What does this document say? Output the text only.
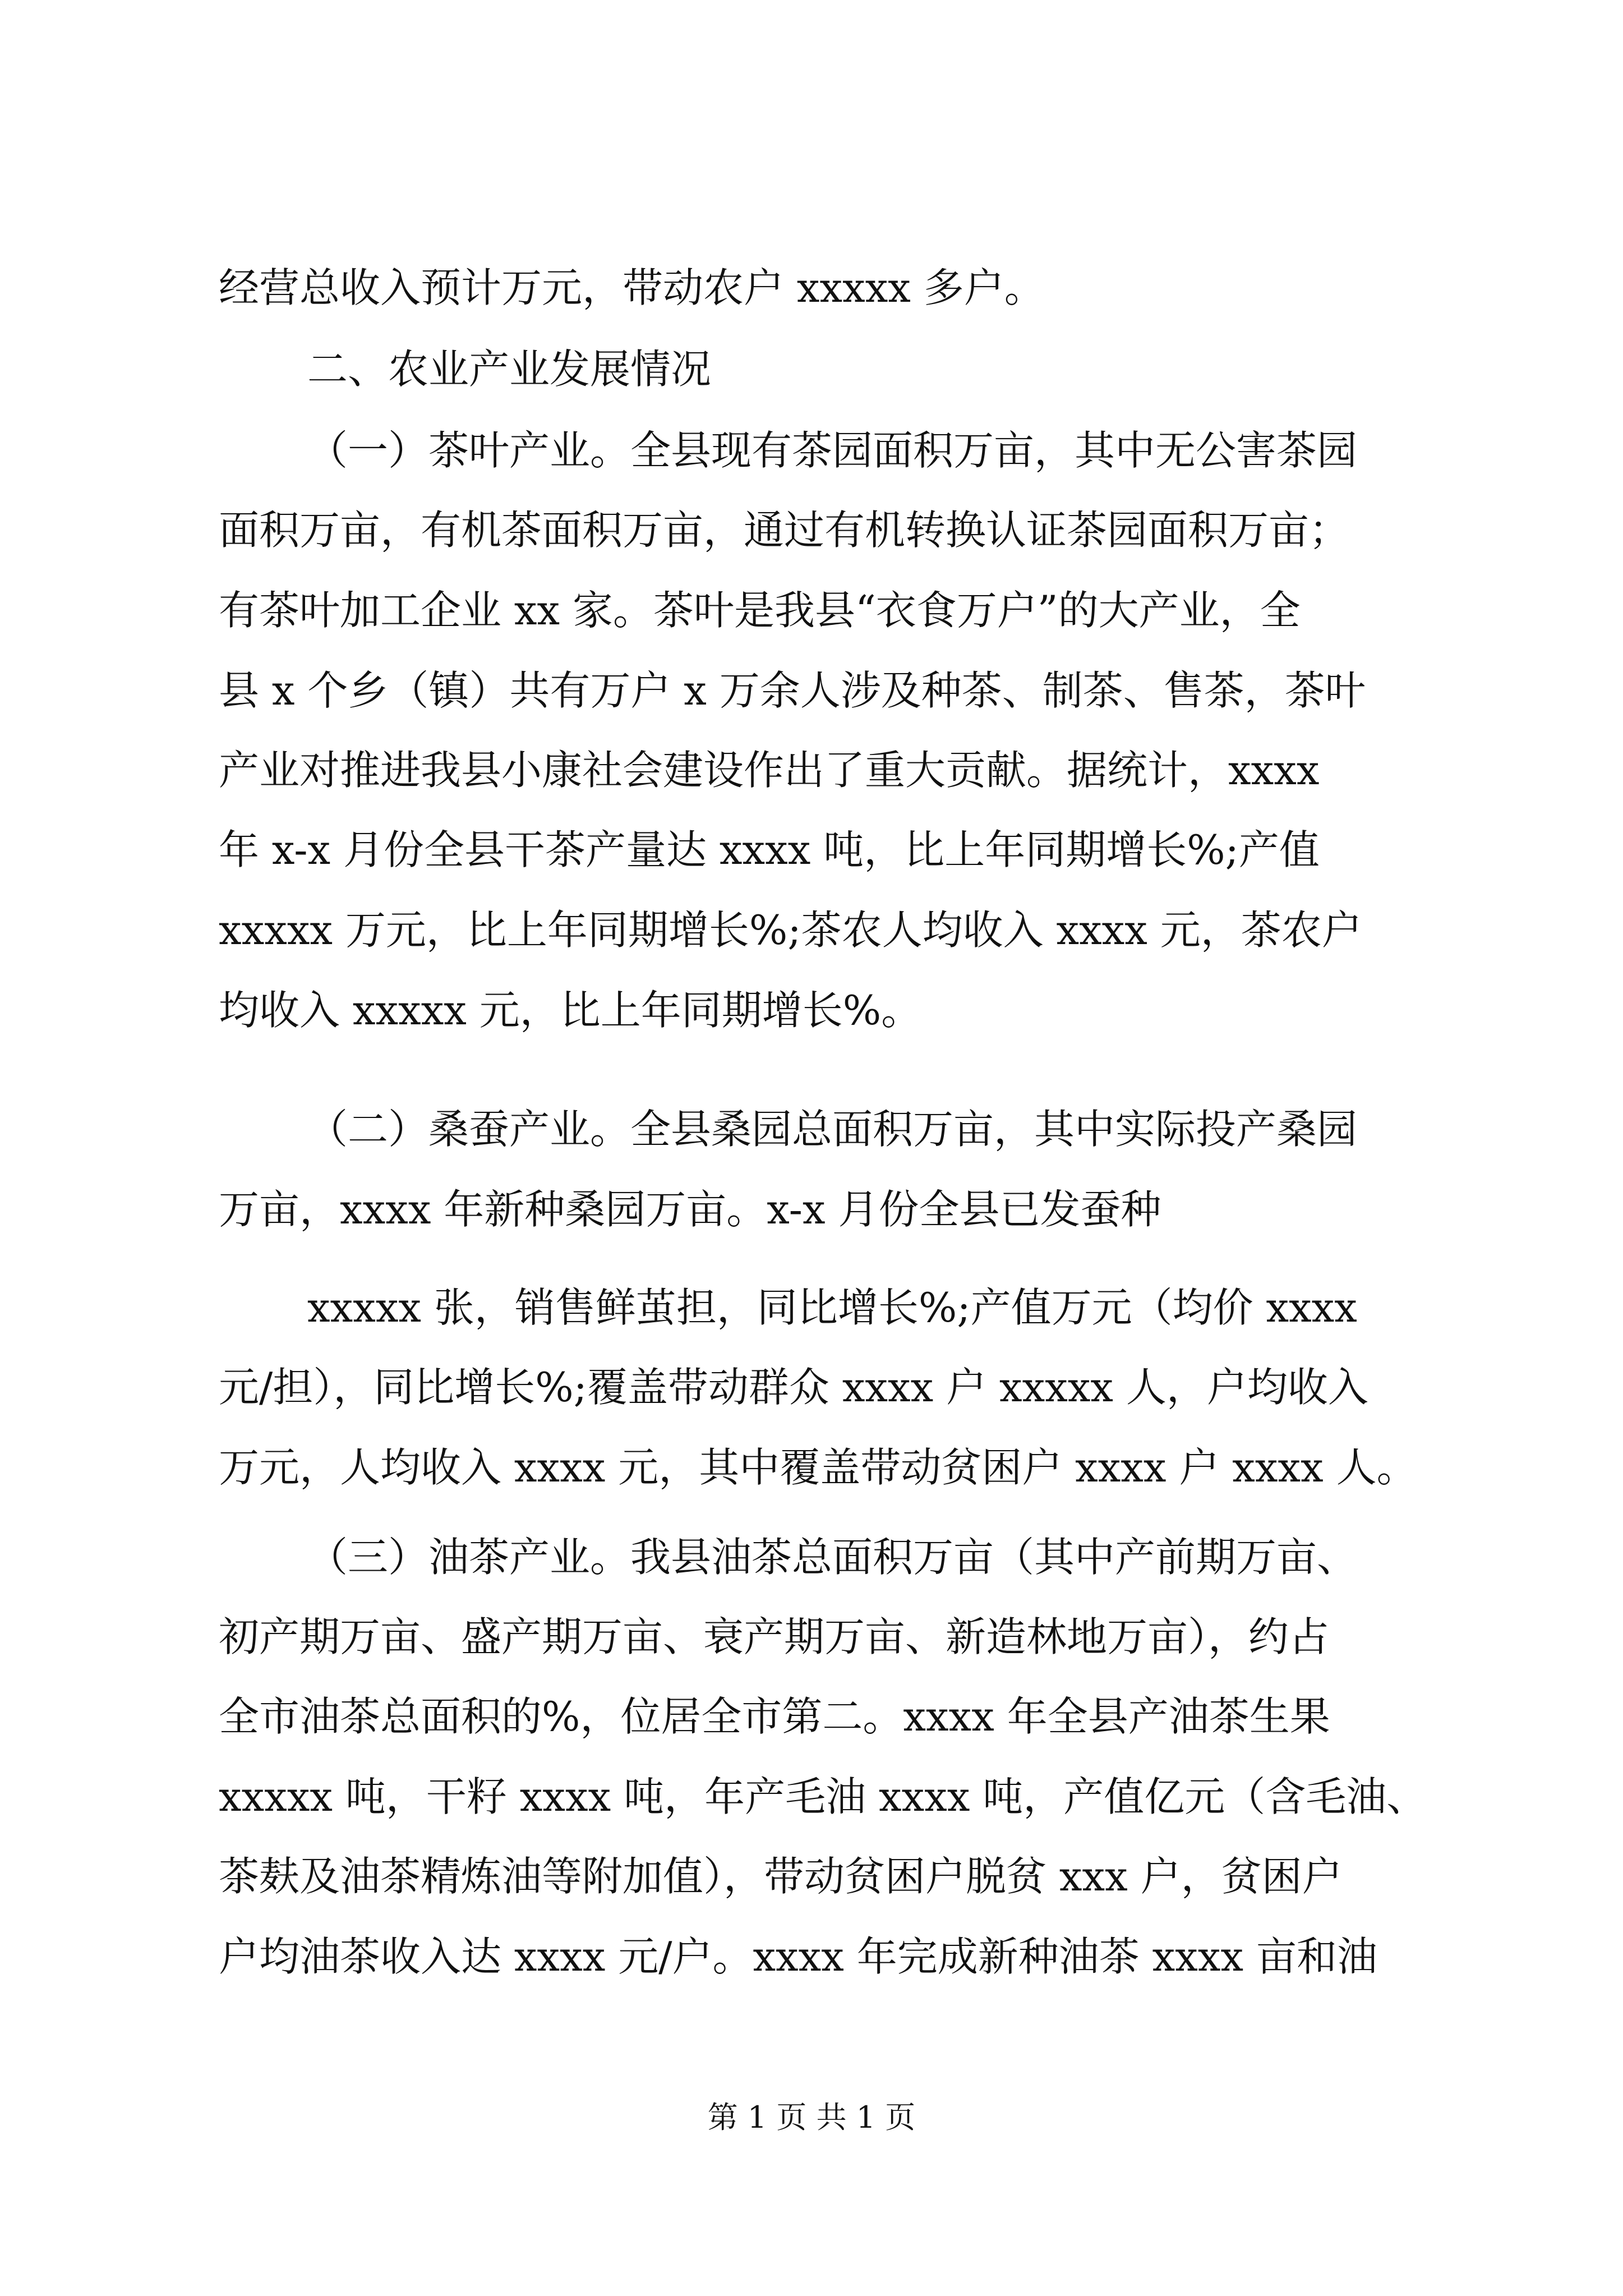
经营总收入预计万元，带动农户 xxxxx 多户。
二、农业产业发展情况
（一）茶叶产业。全县现有茶园面积万亩，其中无公害茶园
面积万亩，有机茶面积万亩，通过有机转换认证茶园面积万亩；
有茶叶加工企业 xx 家。茶叶是我县“衣食万户”的大产业，全
县 x 个乡（镇）共有万户 x 万余人涉及种茶、制茶、售茶，茶叶
产业对推进我县小康社会建设作出了重大贡献。据统计，xxxx
年 x-x 月份全县干茶产量达 xxxx 吨，比上年同期增长%;产值
xxxxx 万元，比上年同期增长%;茶农人均收入 xxxx 元，茶农户
均收入 xxxxx 元，比上年同期增长%。
（二）桑蚕产业。全县桑园总面积万亩，其中实际投产桑园
万亩，xxxx 年新种桑园万亩。x-x 月份全县已发蚕种
xxxxx 张，销售鲜茧担，同比增长%;产值万元（均价 xxxx
元/担），同比增长%;覆盖带动群众 xxxx 户 xxxxx 人，户均收入
万元，人均收入 xxxx 元，其中覆盖带动贫困户 xxxx 户 xxxx 人。
（三）油茶产业。我县油茶总面积万亩（其中产前期万亩、
初产期万亩、盛产期万亩、衰产期万亩、新造林地万亩），约占
全市油茶总面积的%，位居全市第二。xxxx 年全县产油茶生果
xxxxx 吨，干籽 xxxx 吨，年产毛油 xxxx 吨，产值亿元（含毛油、
茶麸及油茶精炼油等附加值），带动贫困户脱贫 xxx 户，贫困户
户均油茶收入达 xxxx 元/户。xxxx 年完成新种油茶 xxxx 亩和油
第 1 页 共 1 页
